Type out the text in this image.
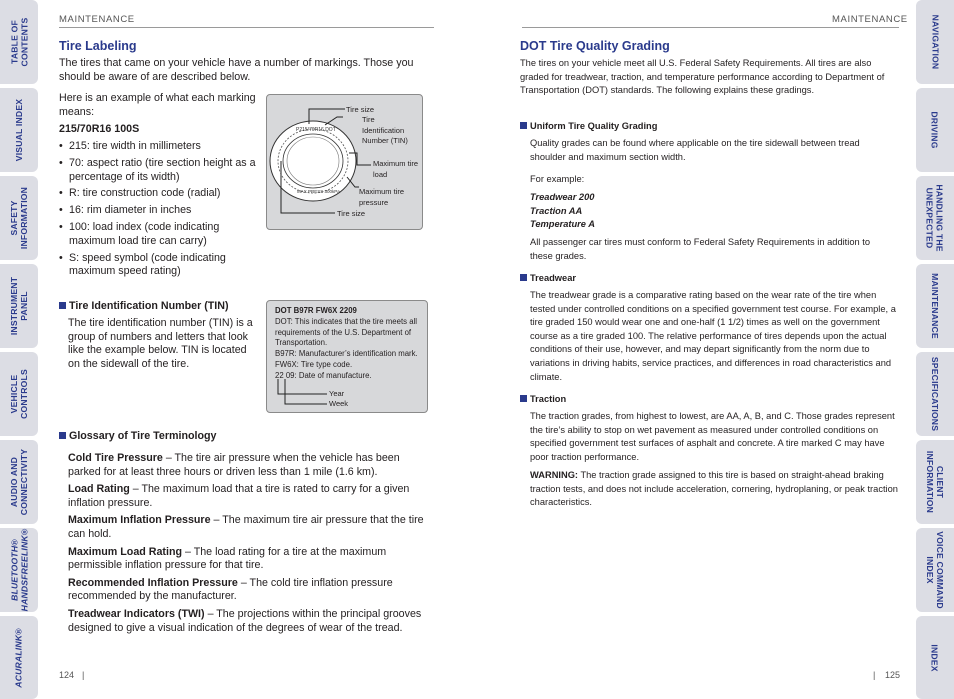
TABLE OF
CONTENTS
VISUAL INDEX
SAFETY
INFORMATION
INSTRUMENT
PANEL
VEHICLE
CONTROLS
AUDIO AND
CONNECTIVITY
BLUETOOTH®
HANDSFREELINK®
ACURALINK®
NAVIGATION
DRIVING
HANDLING THE
UNEXPECTED
MAINTENANCE
SPECIFICATIONS
CLIENT
INFORMATION
VOICE COMMAND
INDEX
INDEX
MAINTENANCE
Tire Labeling

The tires that came on your vehicle have a number of markings. Those you should be aware of are described below.

Here is an example of what each marking means:

215/70R16 100S

• 215: tire width in millimeters
• 70: aspect ratio (tire section height as a percentage of its width)
• R: tire construction code (radial)
• 16: rim diameter in inches
• 100: load index (code indicating maximum load tire can carry)
• S: speed symbol (code indicating maximum speed rating)
P215/70R16 DOT
MAX PRESS 300kPa
Tire size
Tire Identification Number (TIN)
Maximum tire load
Maximum tire pressure
Tire size

Tire Identification Number (TIN)

The tire identification number (TIN) is a group of numbers and letters that look like the example below. TIN is located on the sidewall of the tire.

DOT B97R FW6X 2209
DOT: This indicates that the tire meets all requirements of the U.S. Department of Transportation.
B97R: Manufacturer’s identification mark.
FW6X: Tire type code.
22 09: Date of manufacture.
Year
Week

Glossary of Tire Terminology

Cold Tire Pressure – The tire air pressure when the vehicle has been parked for at least three hours or driven less than 1 mile (1.6 km).

Load Rating – The maximum load that a tire is rated to carry for a given inflation pressure.

Maximum Inflation Pressure – The maximum tire air pressure that the tire can hold.

Maximum Load Rating – The load rating for a tire at the maximum permissible inflation pressure for that tire.

Recommended Inflation Pressure – The cold tire inflation pressure recommended by the manufacturer.

Treadwear Indicators (TWI) – The projections within the principal grooves designed to give a visual indication of the degrees of wear of the tread.

124 |
MAINTENANCE
DOT Tire Quality Grading

The tires on your vehicle meet all U.S. Federal Safety Requirements. All tires are also graded for treadwear, traction, and temperature performance according to Department of Transportation (DOT) standards. The following explains these gradings.

Uniform Tire Quality Grading

Quality grades can be found where applicable on the tire sidewall between tread shoulder and maximum section width.

For example:

Treadwear 200
Traction AA
Temperature A

All passenger car tires must conform to Federal Safety Requirements in addition to these grades.

Treadwear

The treadwear grade is a comparative rating based on the wear rate of the tire when tested under controlled conditions on a specified government test course. For example, a tire graded 150 would wear one and one-half (1 1/2) times as well on the government course as a tire graded 100. The relative performance of tires depends upon the actual conditions of their use, however, and may depart significantly from the norm due to variations in driving habits, service practices, and differences in road characteristics and climate.

Traction

The traction grades, from highest to lowest, are AA, A, B, and C. Those grades represent the tire’s ability to stop on wet pavement as measured under controlled conditions on specified government test surfaces of asphalt and concrete. A tire marked C may have poor traction performance.

WARNING: The traction grade assigned to this tire is based on straight-ahead braking traction tests, and does not include acceleration, cornering, hydroplaning, or peak traction characteristics.

| 125
